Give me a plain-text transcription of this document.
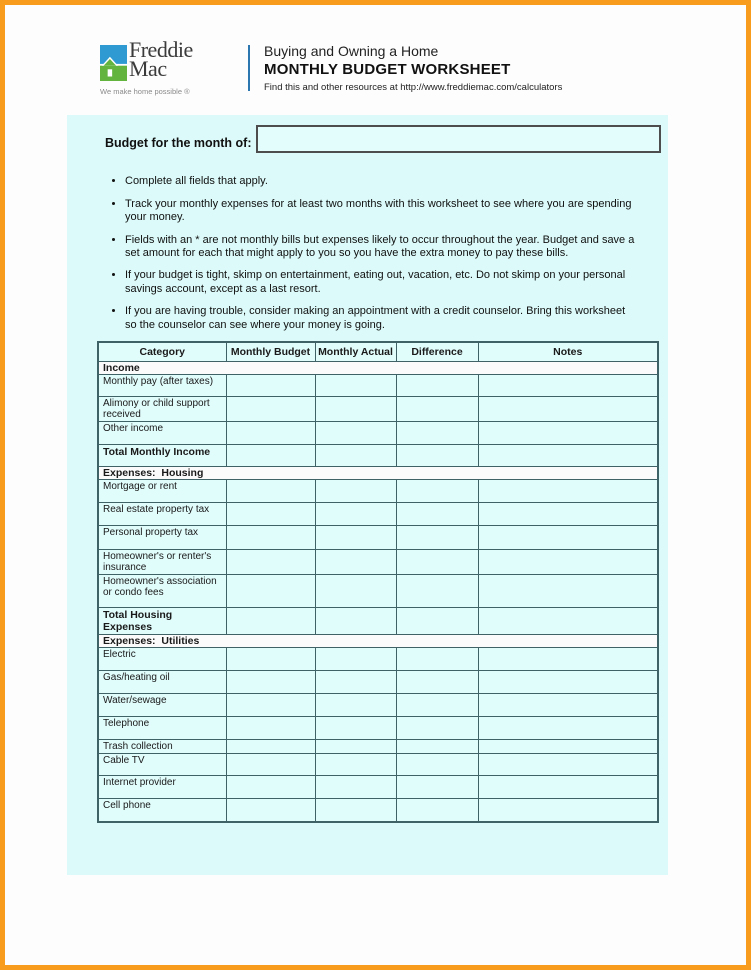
Freddie
Mac
We make home possible ®
Buying and Owning a Home
MONTHLY BUDGET WORKSHEET
Find this and other resources at http://www.freddiemac.com/calculators
Budget for the month of:
• Complete all fields that apply.
• Track your monthly expenses for at least two months with this worksheet to see where you are spending your money.
• Fields with an * are not monthly bills but expenses likely to occur throughout the year. Budget and save a set amount for each that might apply to you so you have the extra money to pay these bills.
• If your budget is tight, skimp on entertainment, eating out, vacation, etc. Do not skimp on your personal savings account, except as a last resort.
• If you are having trouble, consider making an appointment with a credit counselor. Bring this worksheet so the counselor can see where your money is going.
Category	Monthly Budget	Monthly Actual	Difference	Notes
Income				
Monthly pay (after taxes)				
Alimony or child support received				
Other income				
Total Monthly Income				
Expenses:  Housing				
Mortgage or rent				
Real estate property tax				
Personal property tax				
Homeowner's or renter's insurance				
Homeowner's association or condo fees				
Total Housing Expenses				
Expenses:  Utilities				
Electric				
Gas/heating oil				
Water/sewage				
Telephone				
Trash collection				
Cable TV				
Internet provider				
Cell phone				
